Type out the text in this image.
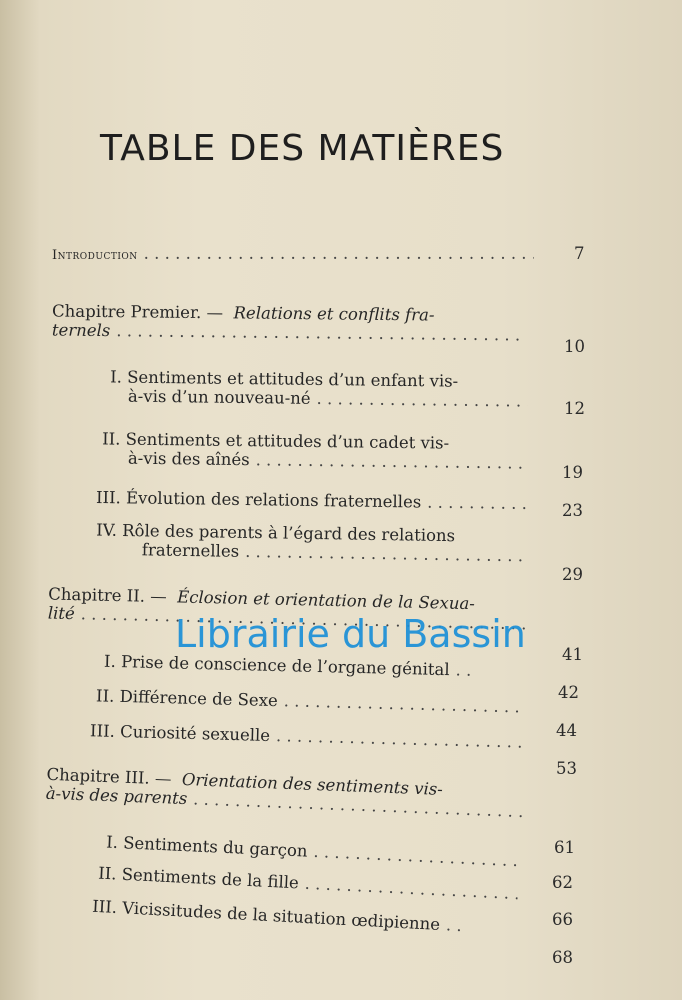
TABLE DES MATIÈRES
Introduction . . .	7
Chapitre Premier. —
Relations et conflits fra-
ternels
. . .
10
I.
Sentiments et attitudes d’un enfant vis-
à-vis d’un nouveau-né
. . .
12
II.
Sentiments et attitudes d’un cadet vis-
à-vis des aînés
. . .
19
III.
Évolution des relations fraternelles . . .	23
IV.
Rôle des parents à l’égard des relations
fraternelles
. . .
29
Chapitre II. —
Éclosion et orientation de la Sexua-
lité
. . .
41
I.
Prise de conscience de l’organe génital
. . .
42
II.
Différence de Sexe
. . .
44
III.
Curiosité sexuelle
. . .
53
Chapitre III. —
Orientation des sentiments vis-
à-vis des parents
. . .
61
I.
Sentiments du garçon
. . .
62
II.
Sentiments de la fille
. . .
66
III.
Vicissitudes de la situation œdipienne
. . .
68
Librairie du Bassin
